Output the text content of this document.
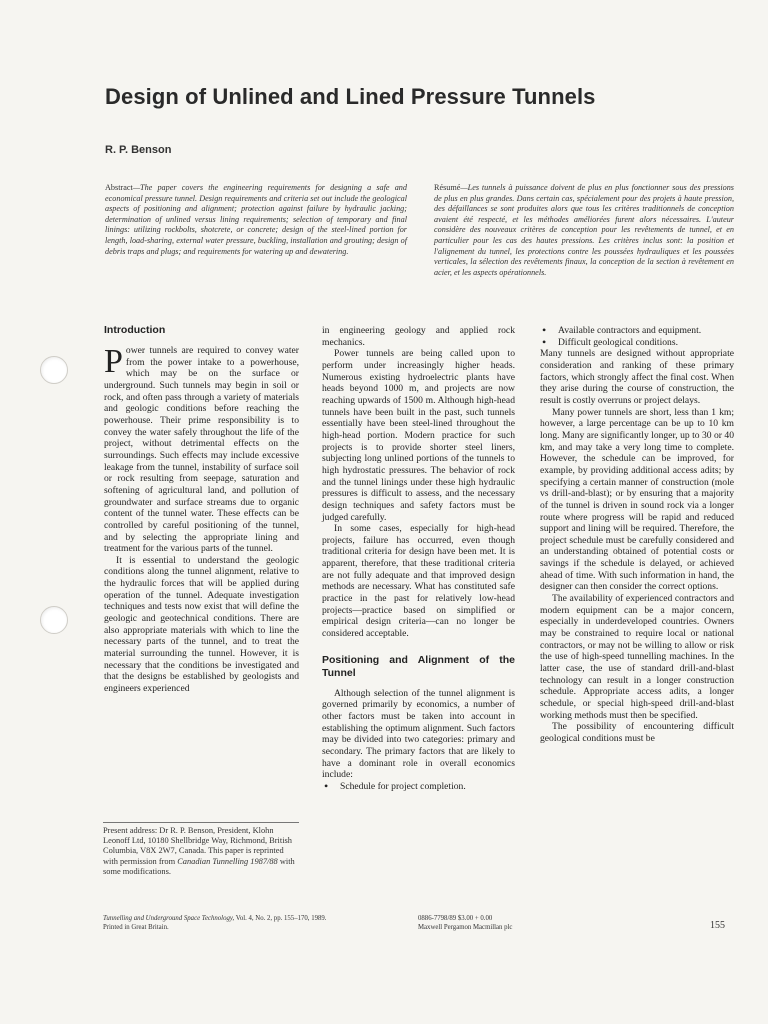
Design of Unlined and Lined Pressure Tunnels
R. P. Benson
Abstract—The paper covers the engineering requirements for designing a safe and economical pressure tunnel. Design requirements and criteria set out include the geological aspects of positioning and alignment; protection against failure by hydraulic jacking; determination of unlined versus lining requirements; selection of temporary and final linings: utilizing rockbolts, shotcrete, or concrete; design of the steel-lined portion for length, load-sharing, external water pressure, buckling, installation and grouting; design of debris traps and plugs; and requirements for watering up and dewatering.
Résumé—Les tunnels à puissance doivent de plus en plus fonctionner sous des pressions de plus en plus grandes. Dans certain cas, spécialement pour des projets à haute pression, des défaillances se sont produites alors que tous les critères traditionnels de conception avaient été respecté, et les méthodes améliorées furent alors nécessaires. L'auteur considère des nouveaux critères de conception pour les revêtements de tunnel, et en particulier pour les cas des hautes pressions. Les critères inclus sont: la position et l'alignement du tunnel, les protections contre les poussées hydrauliques et les poussées verticales, la sélection des revêtements finaux, la conception de la section à revêtement en acier, et les aspects opérationnels.
Introduction

Power tunnels are required to convey water from the power intake to a powerhouse, which may be on the surface or underground. Such tunnels may begin in soil or rock, and often pass through a variety of materials and geologic conditions before reaching the powerhouse. Their prime responsibility is to convey the water safely throughout the life of the project, without detrimental effects on the surroundings. Such effects may include excessive leakage from the tunnel, instability of surface soil or rock resulting from seepage, saturation and softening of agricultural land, and pollution of groundwater and surface streams due to organic content of the tunnel water. These effects can be controlled by careful positioning of the tunnel, and by selecting the appropriate lining and treatment for the various parts of the tunnel.

It is essential to understand the geologic conditions along the tunnel alignment, relative to the hydraulic forces that will be applied during operation of the tunnel. Adequate investigation techniques and tests now exist that will define the geologic and geotechnical conditions. There are also appropriate materials with which to line the necessary parts of the tunnel, and to treat the material surrounding the tunnel. However, it is necessary that the conditions be investigated and that the designs be established by geologists and engineers experienced

Present address: Dr R. P. Benson, President, Klohn Leonoff Ltd, 10180 Shellbridge Way, Richmond, British Columbia, V8X 2W7, Canada. This paper is reprinted with permission from Canadian Tunnelling 1987/88 with some modifications.

in engineering geology and applied rock mechanics.

Power tunnels are being called upon to perform under increasingly higher heads. Numerous existing hydroelectric plants have heads beyond 1000 m, and projects are now reaching upwards of 1500 m. Although high-head tunnels have been built in the past, such tunnels essentially have been steel-lined throughout the high-head portion. Modern practice for such projects is to provide shorter steel liners, subjecting long unlined portions of the tunnels to high hydrostatic pressures. The behavior of rock and the tunnel linings under these high hydraulic pressures is difficult to assess, and the necessary design techniques and safety factors must be judged carefully.

In some cases, especially for high-head projects, failure has occurred, even though traditional criteria for design have been met. It is apparent, therefore, that these traditional criteria are not fully adequate and that improved design methods are necessary. What has constituted safe practice in the past for relatively low-head projects—practice based on simplified or empirical design criteria—can no longer be considered acceptable.

Positioning and Alignment of the Tunnel

Although selection of the tunnel alignment is governed primarily by economics, a number of other factors must be taken into account in establishing the optimum alignment. Such factors may be divided into two categories: primary and secondary. The primary factors that are likely to have a dominant role in overall economics include:

• Schedule for project completion.
• Available contractors and equipment.
• Difficult geological conditions.

Many tunnels are designed without appropriate consideration and ranking of these primary factors, which strongly affect the final cost. When they arise during the course of construction, the result is costly overruns or project delays.

Many power tunnels are short, less than 1 km; however, a large percentage can be up to 10 km long. Many are significantly longer, up to 30 or 40 km, and may take a very long time to complete. However, the schedule can be improved, for example, by providing additional access adits; by specifying a certain manner of construction (mole vs drill-and-blast); or by ensuring that a majority of the tunnel is driven in sound rock via a longer route where progress will be rapid and reduced support and lining will be required. Therefore, the project schedule must be carefully considered and an understanding obtained of potential costs or savings if the schedule is delayed, or achieved ahead of time. With such information in hand, the designer can then consider the correct options.

The availability of experienced contractors and modern equipment can be a major concern, especially in underdeveloped countries. Owners may be constrained to require local or national contractors, or may not be willing to allow or risk the use of high-speed tunnelling machines. In the latter case, the use of standard drill-and-blast technology can result in a longer construction schedule. Appropriate access adits, a longer schedule, or special high-speed drill-and-blast working methods must then be specified.

The possibility of encountering difficult geological conditions must be

Tunnelling and Underground Space Technology, Vol. 4, No. 2, pp. 155–170, 1989.
Printed in Great Britain.
0886-7798/89 $3.00 + 0.00
Maxwell Pergamon Macmillan plc	155
